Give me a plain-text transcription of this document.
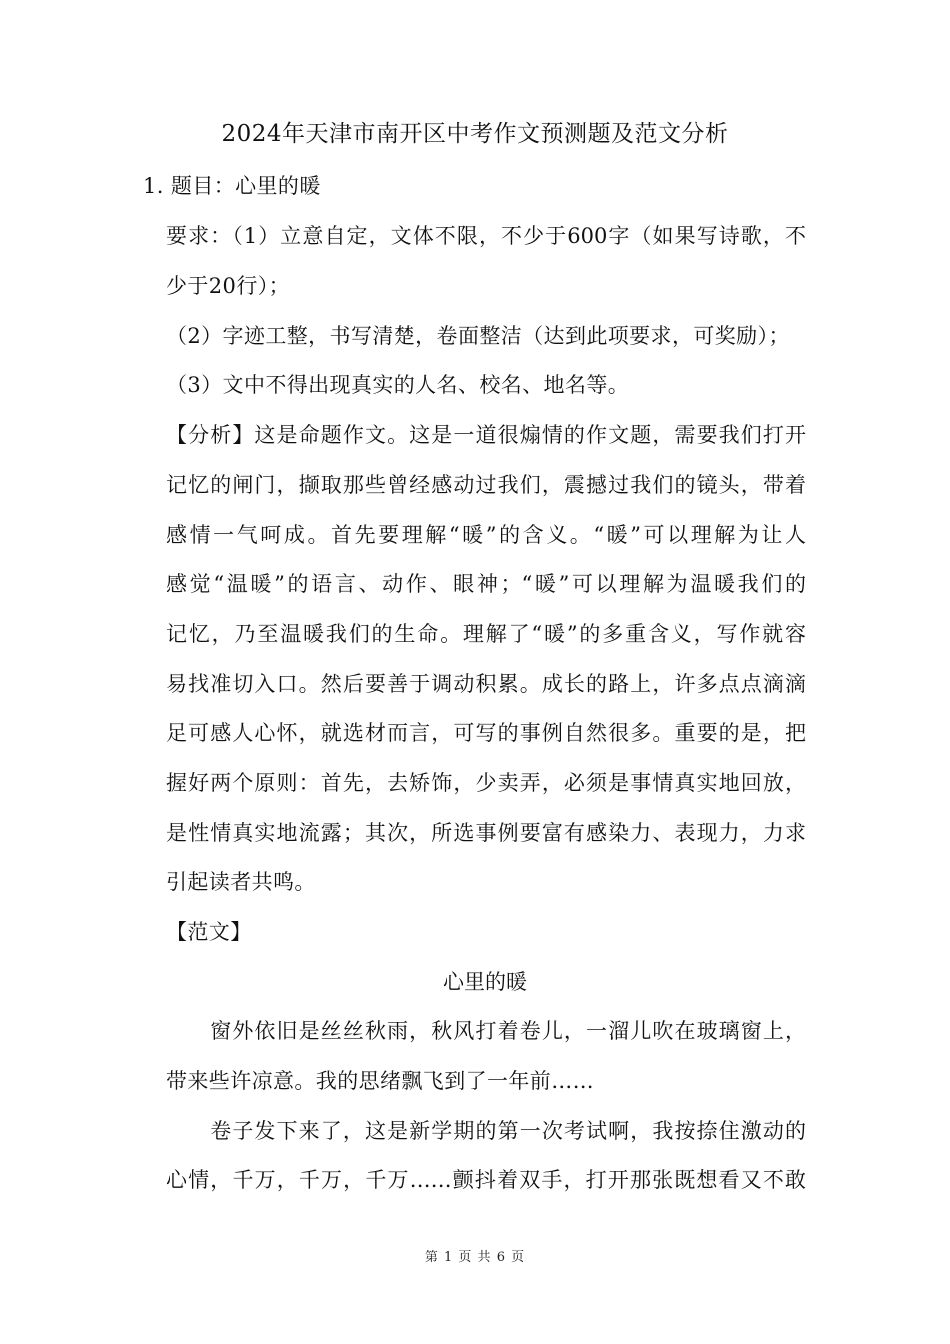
2024年天津市南开区中考作文预测题及范文分析
1. 题目：心里的暖
要求：（1）立意自定，文体不限，不少于600字（如果写诗歌，不
少于20行）；
（2）字迹工整，书写清楚，卷面整洁（达到此项要求，可奖励）；
（3）文中不得出现真实的人名、校名、地名等。
【分析】这是命题作文。这是一道很煽情的作文题，需要我们打开
记忆的闸门，撷取那些曾经感动过我们，震撼过我们的镜头，带着
感情一气呵成。首先要理解“暖”的含义。“暖”可以理解为让人
感觉“温暖”的语言、动作、眼神；“暖”可以理解为温暖我们的
记忆，乃至温暖我们的生命。理解了“暖”的多重含义，写作就容
易找准切入口。然后要善于调动积累。成长的路上，许多点点滴滴
足可感人心怀，就选材而言，可写的事例自然很多。重要的是，把
握好两个原则：首先，去矫饰，少卖弄，必须是事情真实地回放，
是性情真实地流露；其次，所选事例要富有感染力、表现力，力求
引起读者共鸣。
【范文】
心里的暖
　　窗外依旧是丝丝秋雨，秋风打着卷儿，一溜儿吹在玻璃窗上，
带来些许凉意。我的思绪飘飞到了一年前……
　　卷子发下来了，这是新学期的第一次考试啊，我按捺住激动的
心情，千万，千万，千万……颤抖着双手，打开那张既想看又不敢
第 1 页 共 6 页
